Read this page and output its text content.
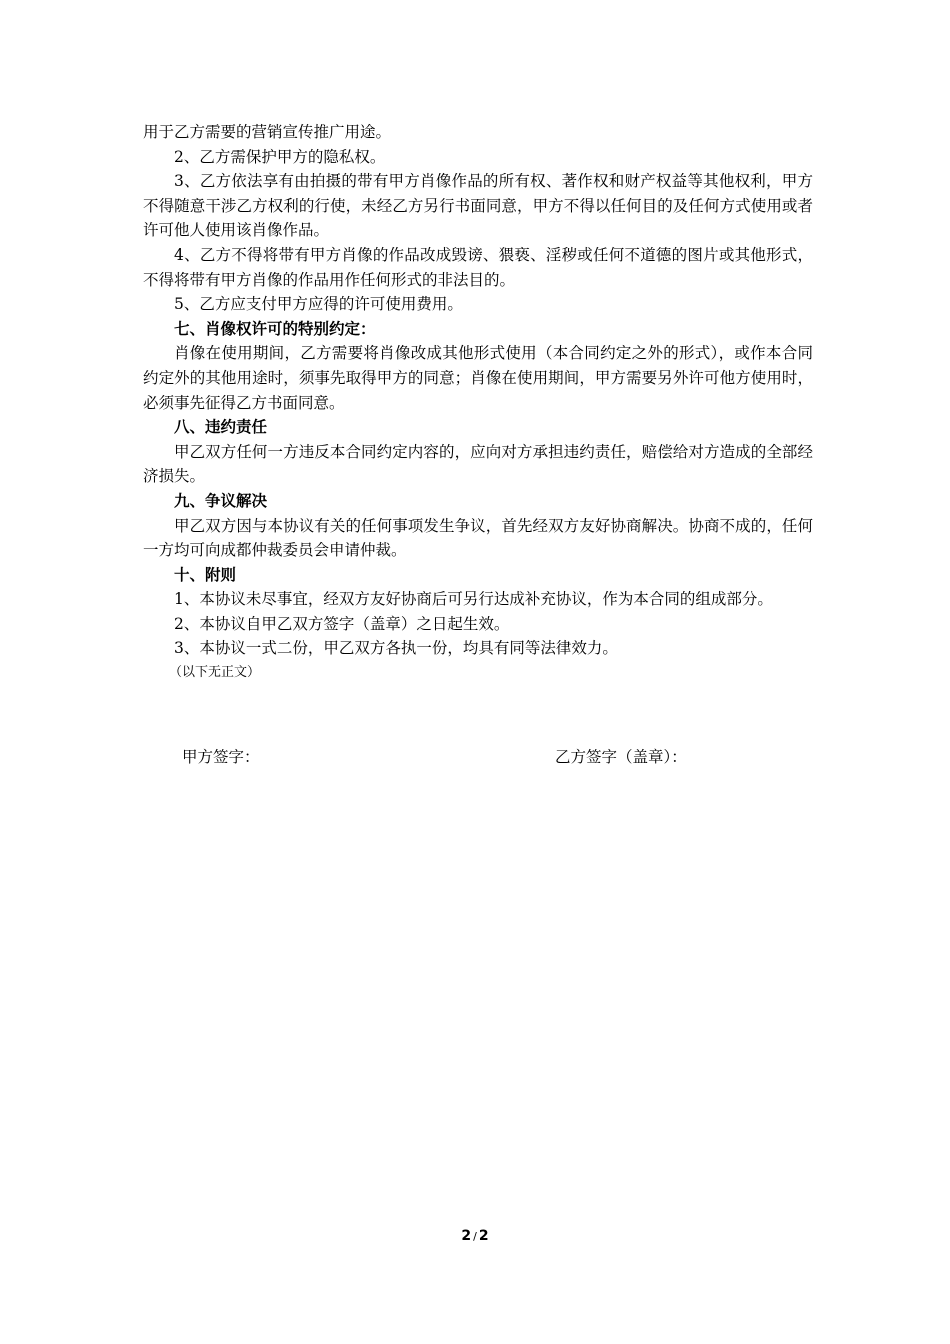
用于乙方需要的营销宣传推广用途。

2、乙方需保护甲方的隐私权。

3、乙方依法享有由拍摄的带有甲方肖像作品的所有权、著作权和财产权益等其他权利，甲方不得随意干涉乙方权利的行使，未经乙方另行书面同意，甲方不得以任何目的及任何方式使用或者许可他人使用该肖像作品。

4、乙方不得将带有甲方肖像的作品改成毁谤、猥亵、淫秽或任何不道德的图片或其他形式，不得将带有甲方肖像的作品用作任何形式的非法目的。

5、乙方应支付甲方应得的许可使用费用。

七、肖像权许可的特别约定：

肖像在使用期间，乙方需要将肖像改成其他形式使用（本合同约定之外的形式），或作本合同约定外的其他用途时，须事先取得甲方的同意；肖像在使用期间，甲方需要另外许可他方使用时，必须事先征得乙方书面同意。

八、违约责任

甲乙双方任何一方违反本合同约定内容的，应向对方承担违约责任，赔偿给对方造成的全部经济损失。

九、争议解决

甲乙双方因与本协议有关的任何事项发生争议，首先经双方友好协商解决。协商不成的，任何一方均可向成都仲裁委员会申请仲裁。

十、附则

1、本协议未尽事宜，经双方友好协商后可另行达成补充协议，作为本合同的组成部分。

2、本协议自甲乙双方签字（盖章）之日起生效。

3、本协议一式二份，甲乙双方各执一份，均具有同等法律效力。

（以下无正文）

甲方签字：	乙方签字（盖章）：
2 / 2
